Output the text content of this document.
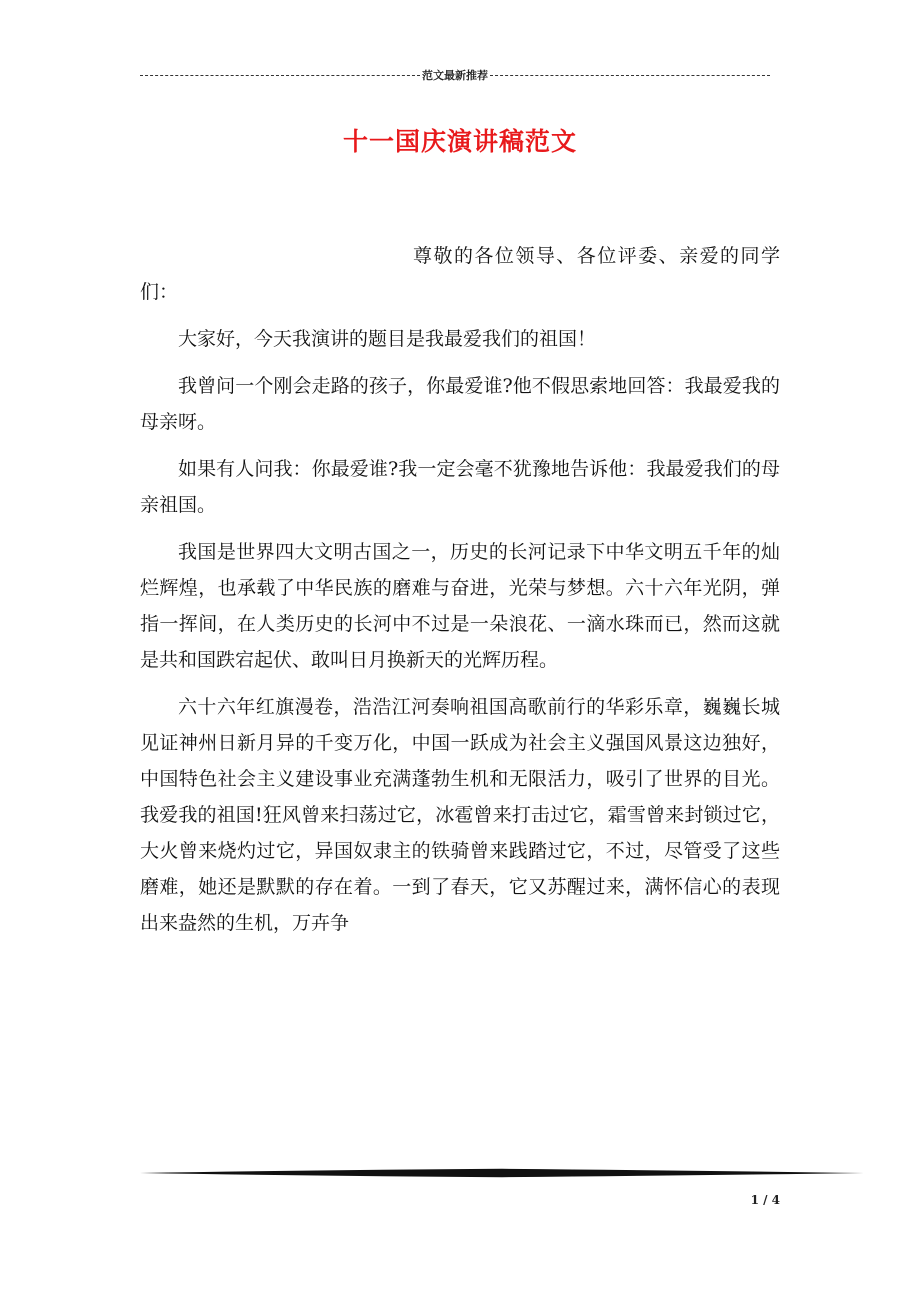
范文最新推荐
十一国庆演讲稿范文

尊敬的各位领导、各位评委、亲爱的同学们：

大家好，今天我演讲的题目是我最爱我们的祖国！

我曾问一个刚会走路的孩子，你最爱谁?他不假思索地回答：我最爱我的母亲呀。

如果有人问我：你最爱谁?我一定会毫不犹豫地告诉他：我最爱我们的母亲祖国。

我国是世界四大文明古国之一，历史的长河记录下中华文明五千年的灿烂辉煌，也承载了中华民族的磨难与奋进，光荣与梦想。六十六年光阴，弹指一挥间，在人类历史的长河中不过是一朵浪花、一滴水珠而已，然而这就是共和国跌宕起伏、敢叫日月换新天的光辉历程。

六十六年红旗漫卷，浩浩江河奏响祖国高歌前行的华彩乐章，巍巍长城见证神州日新月异的千变万化，中国一跃成为社会主义强国风景这边独好，中国特色社会主义建设事业充满蓬勃生机和无限活力，吸引了世界的目光。 我爱我的祖国!狂风曾来扫荡过它，冰雹曾来打击过它，霜雪曾来封锁过它，大火曾来烧灼过它，异国奴隶主的铁骑曾来践踏过它，不过，尽管受了这些磨难，她还是默默的存在着。一到了春天，它又苏醒过来，满怀信心的表现出来盎然的生机，万卉争

1 / 4
